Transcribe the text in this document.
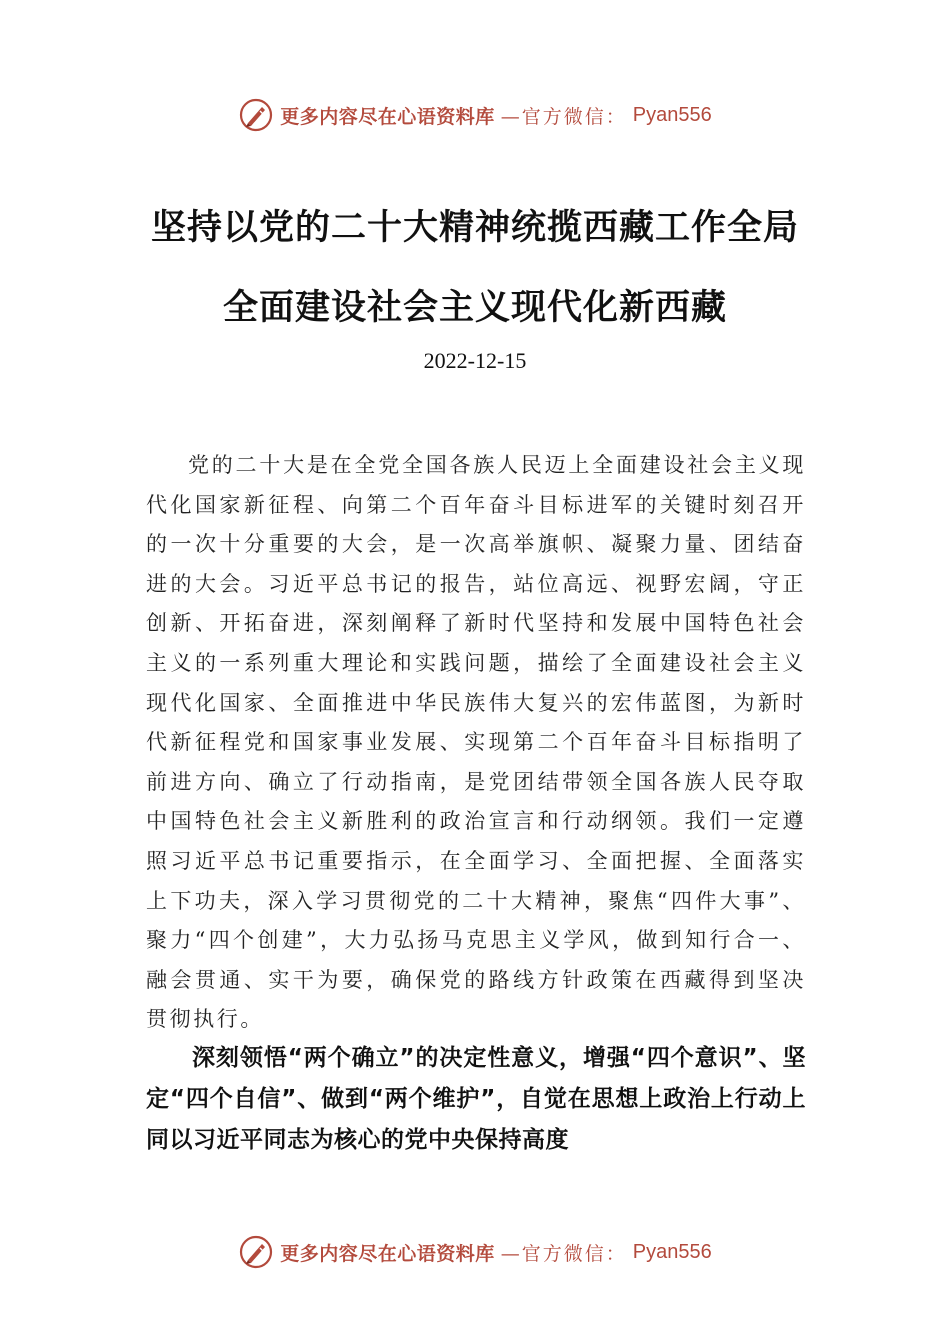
更多内容尽在心语资料库 —官方微信： Pyan556
坚持以党的二十大精神统揽西藏工作全局
全面建设社会主义现代化新西藏
2022-12-15

党的二十大是在全党全国各族人民迈上全面建设社会主义现代化国家新征程、向第二个百年奋斗目标进军的关键时刻召开的一次十分重要的大会，是一次高举旗帜、凝聚力量、团结奋进的大会。习近平总书记的报告，站位高远、视野宏阔，守正创新、开拓奋进，深刻阐释了新时代坚持和发展中国特色社会主义的一系列重大理论和实践问题，描绘了全面建设社会主义现代化国家、全面推进中华民族伟大复兴的宏伟蓝图，为新时代新征程党和国家事业发展、实现第二个百年奋斗目标指明了前进方向、确立了行动指南，是党团结带领全国各族人民夺取中国特色社会主义新胜利的政治宣言和行动纲领。我们一定遵照习近平总书记重要指示，在全面学习、全面把握、全面落实上下功夫，深入学习贯彻党的二十大精神，聚焦“四件大事”、聚力“四个创建”，大力弘扬马克思主义学风，做到知行合一、融会贯通、实干为要，确保党的路线方针政策在西藏得到坚决贯彻执行。

深刻领悟“两个确立”的决定性意义，增强“四个意识”、坚定“四个自信”、做到“两个维护”，自觉在思想上政治上行动上同以习近平同志为核心的党中央保持高度

更多内容尽在心语资料库 —官方微信： Pyan556
